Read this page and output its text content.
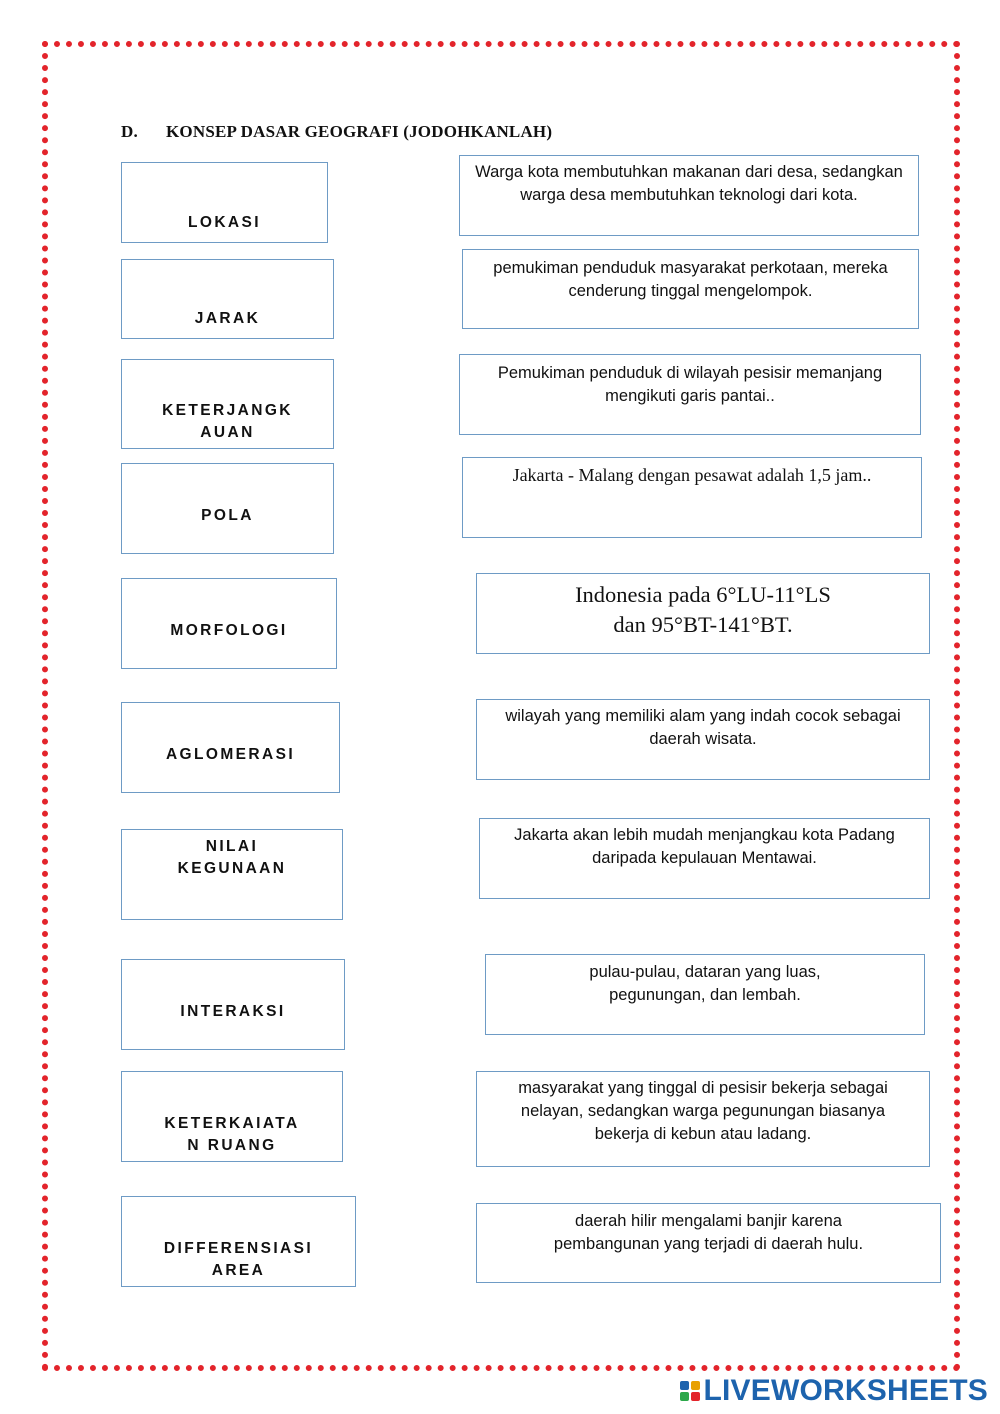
D. KONSEP DASAR GEOGRAFI (JODOHKANLAH)
LOKASI
JARAK
KETERJANGK
AUAN
POLA
MORFOLOGI
AGLOMERASI
NILAI
KEGUNAAN
INTERAKSI
KETERKAIATA
N RUANG
DIFFERENSIASI
AREA
Warga kota membutuhkan makanan dari desa, sedangkan warga desa membutuhkan teknologi dari kota.
pemukiman penduduk masyarakat perkotaan, mereka cenderung tinggal mengelompok.
Pemukiman penduduk di wilayah pesisir memanjang mengikuti garis pantai..
Jakarta - Malang dengan pesawat adalah 1,5 jam..
Indonesia pada 6°LU-11°LS dan 95°BT-141°BT.
wilayah yang memiliki alam yang indah cocok sebagai daerah wisata.
Jakarta akan lebih mudah menjangkau kota Padang daripada kepulauan Mentawai.
pulau-pulau, dataran yang luas, pegunungan, dan lembah.
masyarakat yang tinggal di pesisir bekerja sebagai nelayan, sedangkan warga pegunungan biasanya bekerja di kebun atau ladang.
daerah hilir mengalami banjir karena pembangunan yang terjadi di daerah hulu.
LIVEWORKSHEETS
